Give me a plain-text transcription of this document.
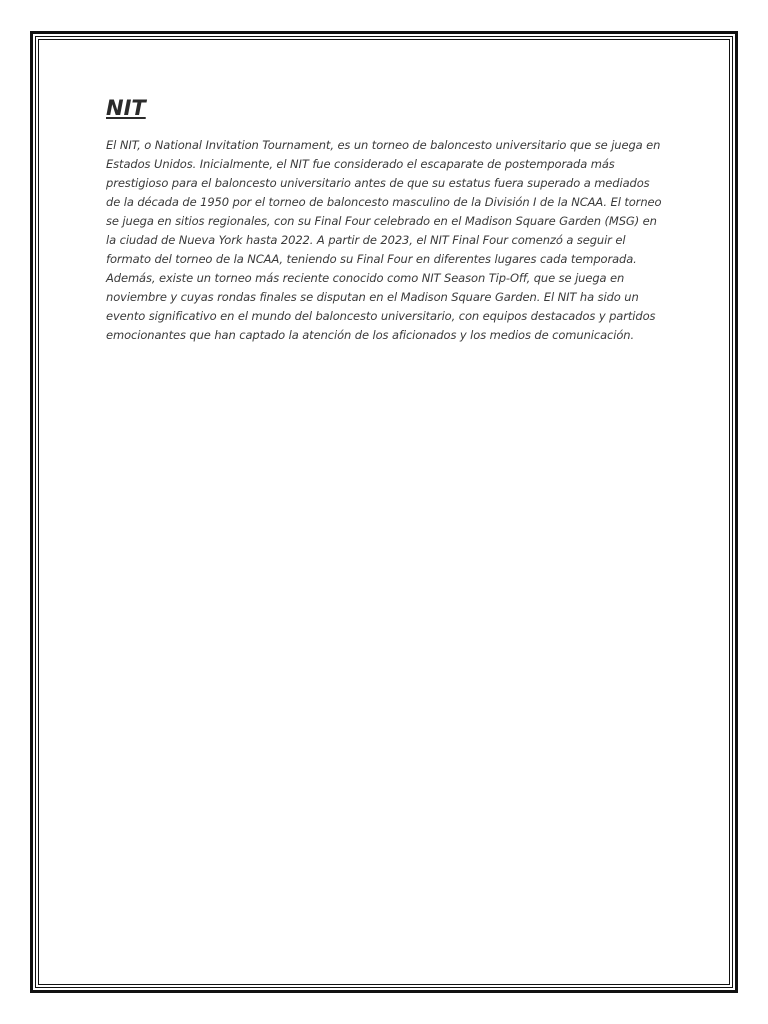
NIT

El NIT, o National Invitation Tournament, es un torneo de baloncesto universitario que se juega en Estados Unidos. Inicialmente, el NIT fue considerado el escaparate de postemporada más prestigioso para el baloncesto universitario antes de que su estatus fuera superado a mediados de la década de 1950 por el torneo de baloncesto masculino de la División I de la NCAA. El torneo se juega en sitios regionales, con su Final Four celebrado en el Madison Square Garden (MSG) en la ciudad de Nueva York hasta 2022. A partir de 2023, el NIT Final Four comenzó a seguir el formato del torneo de la NCAA, teniendo su Final Four en diferentes lugares cada temporada. Además, existe un torneo más reciente conocido como NIT Season Tip-Off, que se juega en noviembre y cuyas rondas finales se disputan en el Madison Square Garden. El NIT ha sido un evento significativo en el mundo del baloncesto universitario, con equipos destacados y partidos emocionantes que han captado la atención de los aficionados y los medios de comunicación.
